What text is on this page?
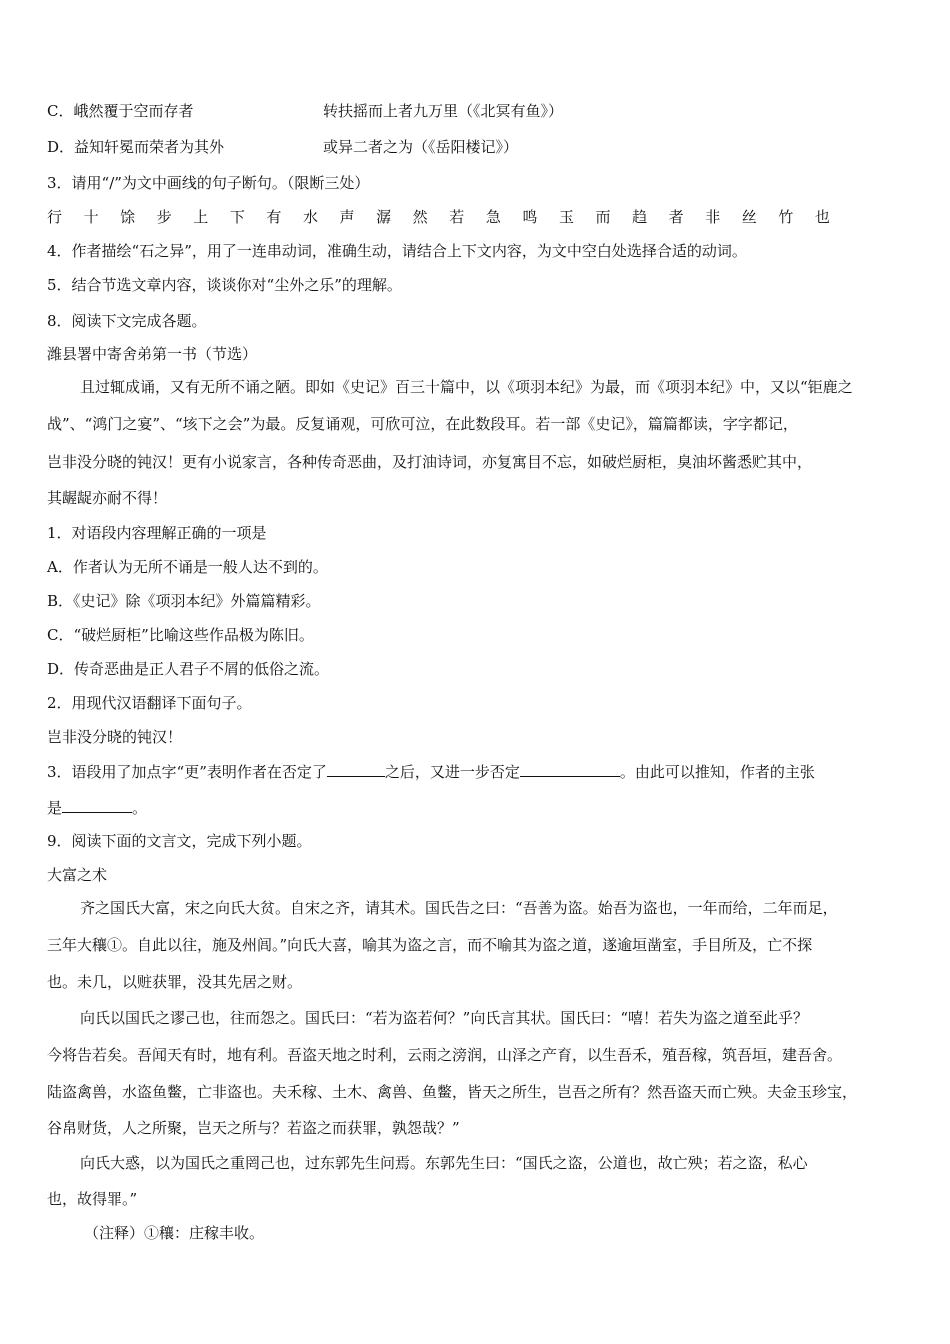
C．峨然覆于空而存者	转扶摇而上者九万里（《北冥有鱼》）
D．益知轩冕而荣者为其外	或异二者之为（《岳阳楼记》）
3．请用“/”为文中画线的句子断句。（限断三处）
行 十 馀 步 上 下 有 水 声 潺 然 若 急 鸣 玉 而 趋 者 非 丝 竹 也
4．作者描绘“石之异”，用了一连串动词，准确生动，请结合上下文内容，为文中空白处选择合适的动词。
5．结合节选文章内容，谈谈你对“尘外之乐”的理解。
8．阅读下文完成各题。
潍县署中寄舍弟第一书（节选）
且过辄成诵，又有无所不诵之陋。即如《史记》百三十篇中，以《项羽本纪》为最，而《项羽本纪》中，又以“钜鹿之
战”、“鸿门之宴”、“垓下之会”为最。反复诵观，可欣可泣，在此数段耳。若一部《史记》，篇篇都读，字字都记，
岂非没分晓的钝汉！更有小说家言，各种传奇恶曲，及打油诗词，亦复寓目不忘，如破烂厨柜，臭油坏酱悉贮其中，
其龌龊亦耐不得！
1．对语段内容理解正确的一项是
A．作者认为无所不诵是一般人达不到的。
B．《史记》除《项羽本纪》外篇篇精彩。
C．“破烂厨柜”比喻这些作品极为陈旧。
D．传奇恶曲是正人君子不屑的低俗之流。
2．用现代汉语翻译下面句子。
岂非没分晓的钝汉！
3．语段用了加点字“更”表明作者在否定了	之后，又进一步否定	。由此可以推知，作者的主张
是	。
9．阅读下面的文言文，完成下列小题。
大富之术
齐之国氏大富，宋之向氏大贫。自宋之齐，请其术。国氏告之曰：“吾善为盗。始吾为盗也，一年而给，二年而足，
三年大穰①。自此以往，施及州闾。”向氏大喜，喻其为盗之言，而不喻其为盗之道，遂逾垣凿室，手目所及，亡不探
也。未几，以赃获罪，没其先居之财。
向氏以国氏之谬己也，往而怨之。国氏曰：“若为盗若何？”向氏言其状。国氏曰：“嘻！若失为盗之道至此乎？
今将告若矣。吾闻天有时，地有利。吾盗天地之时利，云雨之滂润，山泽之产育，以生吾禾，殖吾稼，筑吾垣，建吾舍。
陆盗禽兽，水盗鱼鳖，亡非盗也。夫禾稼、土木、禽兽、鱼鳖，皆天之所生，岂吾之所有？然吾盗天而亡殃。夫金玉珍宝，
谷帛财货，人之所聚，岂天之所与？若盗之而获罪，孰怨哉？”
向氏大惑，以为国氏之重罔己也，过东郭先生问焉。东郭先生曰：“国氏之盗，公道也，故亡殃；若之盗，私心
也，故得罪。”
（注释）①穰：庄稼丰收。
